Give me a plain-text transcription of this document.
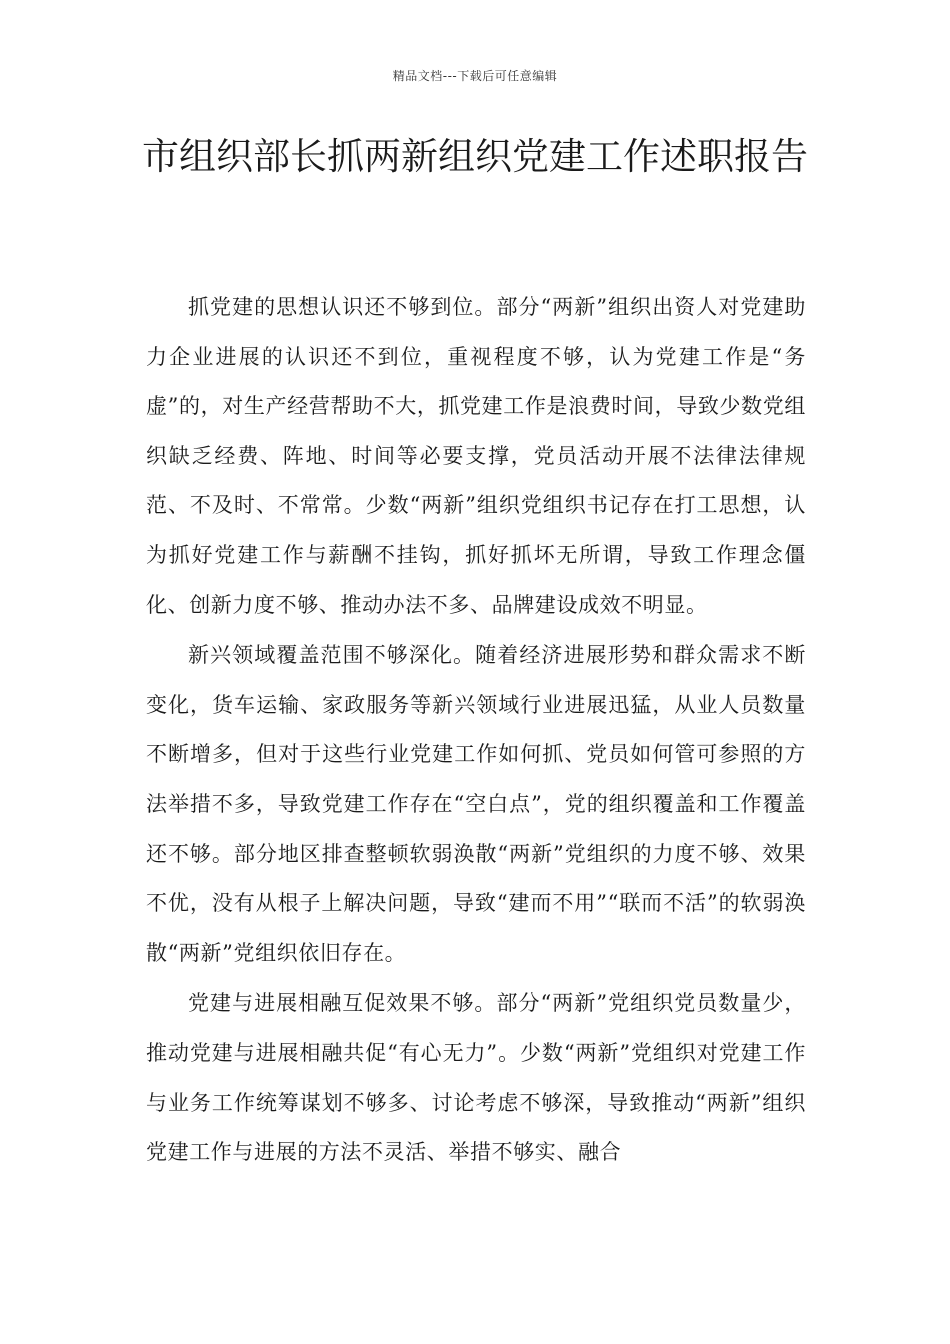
精品文档---下载后可任意编辑
市组织部长抓两新组织党建工作述职报告

抓党建的思想认识还不够到位。部分“两新”组织出资人对党建助力企业进展的认识还不到位，重视程度不够，认为党建工作是“务虚”的，对生产经营帮助不大，抓党建工作是浪费时间，导致少数党组织缺乏经费、阵地、时间等必要支撑，党员活动开展不法律法律规范、不及时、不常常。少数“两新”组织党组织书记存在打工思想，认为抓好党建工作与薪酬不挂钩，抓好抓坏无所谓，导致工作理念僵化、创新力度不够、推动办法不多、品牌建设成效不明显。

新兴领域覆盖范围不够深化。随着经济进展形势和群众需求不断变化，货车运输、家政服务等新兴领域行业进展迅猛，从业人员数量不断增多，但对于这些行业党建工作如何抓、党员如何管可参照的方法举措不多，导致党建工作存在“空白点”，党的组织覆盖和工作覆盖还不够。部分地区排查整顿软弱涣散“两新”党组织的力度不够、效果不优，没有从根子上解决问题，导致“建而不用”“联而不活”的软弱涣散“两新”党组织依旧存在。

党建与进展相融互促效果不够。部分“两新”党组织党员数量少，推动党建与进展相融共促“有心无力”。少数“两新”党组织对党建工作与业务工作统筹谋划不够多、讨论考虑不够深，导致推动“两新”组织党建工作与进展的方法不灵活、举措不够实、融合
